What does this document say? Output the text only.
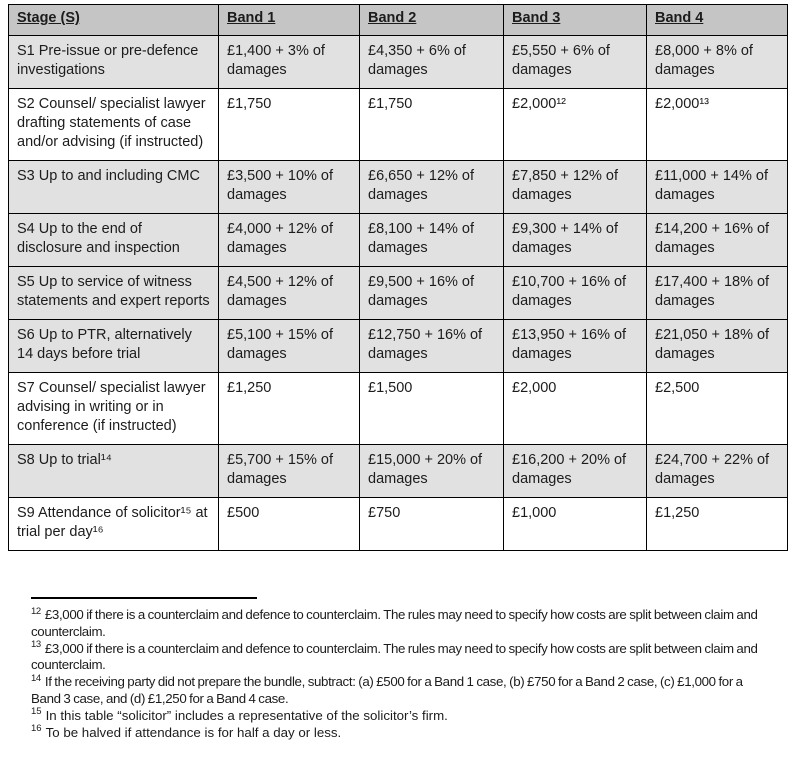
Stage (S)	Band 1	Band 2	Band 3	Band 4
S1 Pre-issue or pre-defence investigations	£1,400 + 3% of damages	£4,350 + 6% of damages	£5,550 + 6% of damages	£8,000 + 8% of damages
S2 Counsel/ specialist lawyer drafting statements of case and/or advising (if instructed)	£1,750	£1,750	£2,000¹²	£2,000¹³
S3 Up to and including CMC	£3,500 + 10% of damages	£6,650 + 12% of damages	£7,850 + 12% of damages	£11,000 + 14% of damages
S4 Up to the end of disclosure and inspection	£4,000 + 12% of damages	£8,100 + 14% of damages	£9,300 + 14% of damages	£14,200 + 16% of damages
S5 Up to service of witness statements and expert reports	£4,500 + 12% of damages	£9,500 + 16% of damages	£10,700 + 16% of damages	£17,400 + 18% of damages
S6 Up to PTR, alternatively 14 days before trial	£5,100 + 15% of damages	£12,750 + 16% of damages	£13,950 + 16% of damages	£21,050 + 18% of damages
S7 Counsel/ specialist lawyer advising in writing or in conference (if instructed)	£1,250	£1,500	£2,000	£2,500
S8 Up to trial¹⁴	£5,700 + 15% of damages	£15,000 + 20% of damages	£16,200 + 20% of damages	£24,700 + 22% of damages
S9 Attendance of solicitor¹⁵ at trial per day¹⁶	£500	£750	£1,000	£1,250

$^{12}$ £3,000 if there is a counterclaim and defence to counterclaim. The rules may need to specify how costs are split between claim and counterclaim.

$^{13}$ £3,000 if there is a counterclaim and defence to counterclaim. The rules may need to specify how costs are split between claim and counterclaim.

$^{14}$ If the receiving party did not prepare the bundle, subtract: (a) £500 for a Band 1 case, (b) £750 for a Band 2 case, (c) £1,000 for a Band 3 case, and (d) £1,250 for a Band 4 case.

$^{15}$ In this table “solicitor” includes a representative of the solicitor’s firm.

$^{16}$ To be halved if attendance is for half a day or less.
